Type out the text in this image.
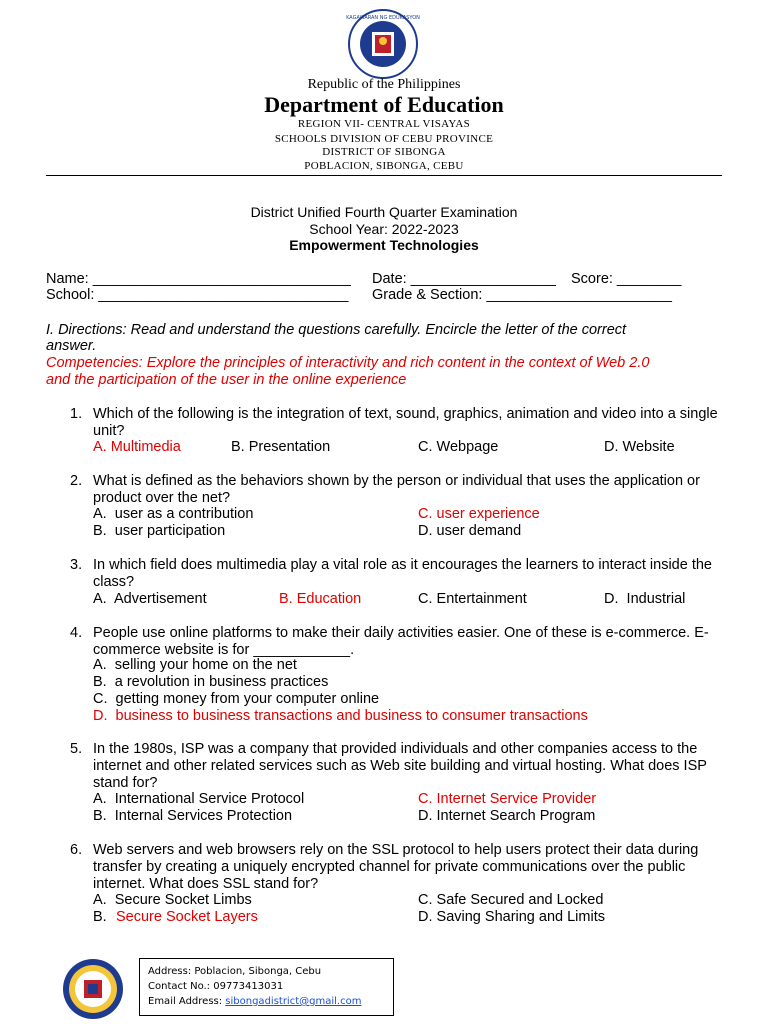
KAGAWARAN NG EDUKASYON
Republic of the Philippines
Department of Education
REGION VII- CENTRAL VISAYAS
SCHOOLS DIVISION OF CEBU PROVINCE
DISTRICT OF SIBONGA
POBLACION, SIBONGA, CEBU
District Unified Fourth Quarter Examination
School Year: 2022-2023
Empowerment Technologies
Name: ________________________________ Date: __________________ Score: ________
School: _______________________________ Grade & Section: _______________________
I. Directions: Read and understand the questions carefully. Encircle the letter of the correct
answer.
Competencies: Explore the principles of interactivity and rich content in the context of Web 2.0
and the participation of the user in the online experience
1. Which of the following is the integration of text, sound, graphics, animation and video into a single unit?
A. Multimedia	B. Presentation	C. Webpage	D. Website
2. What is defined as the behaviors shown by the person or individual that uses the application or product over the net?
A.  user as a contribution	C. user experience
B.  user participation	D. user demand
3. In which field does multimedia play a vital role as it encourages the learners to interact inside the class?
A.  Advertisement	B. Education	C. Entertainment	D.  Industrial
4. People use online platforms to make their daily activities easier. One of these is e-commerce. E-commerce website is for ____________.
A.  selling your home on the net
B.  a revolution in business practices
C.  getting money from your computer online
D.  business to business transactions and business to consumer transactions
5. In the 1980s, ISP was a company that provided individuals and other companies access to the internet and other related services such as Web site building and virtual hosting. What does ISP stand for?
A.  International Service Protocol	C. Internet Service Provider
B.  Internal Services Protection	D. Internet Search Program
6. Web servers and web browsers rely on the SSL protocol to help users protect their data during transfer by creating a uniquely encrypted channel for private communications over the public internet. What does SSL stand for?
A.  Secure Socket Limbs	C. Safe Secured and Locked
B. Secure Socket Layers	D. Saving Sharing and Limits
Address: Poblacion, Sibonga, Cebu
Contact No.: 09773413031
Email Address: sibongadistrict@gmail.com
